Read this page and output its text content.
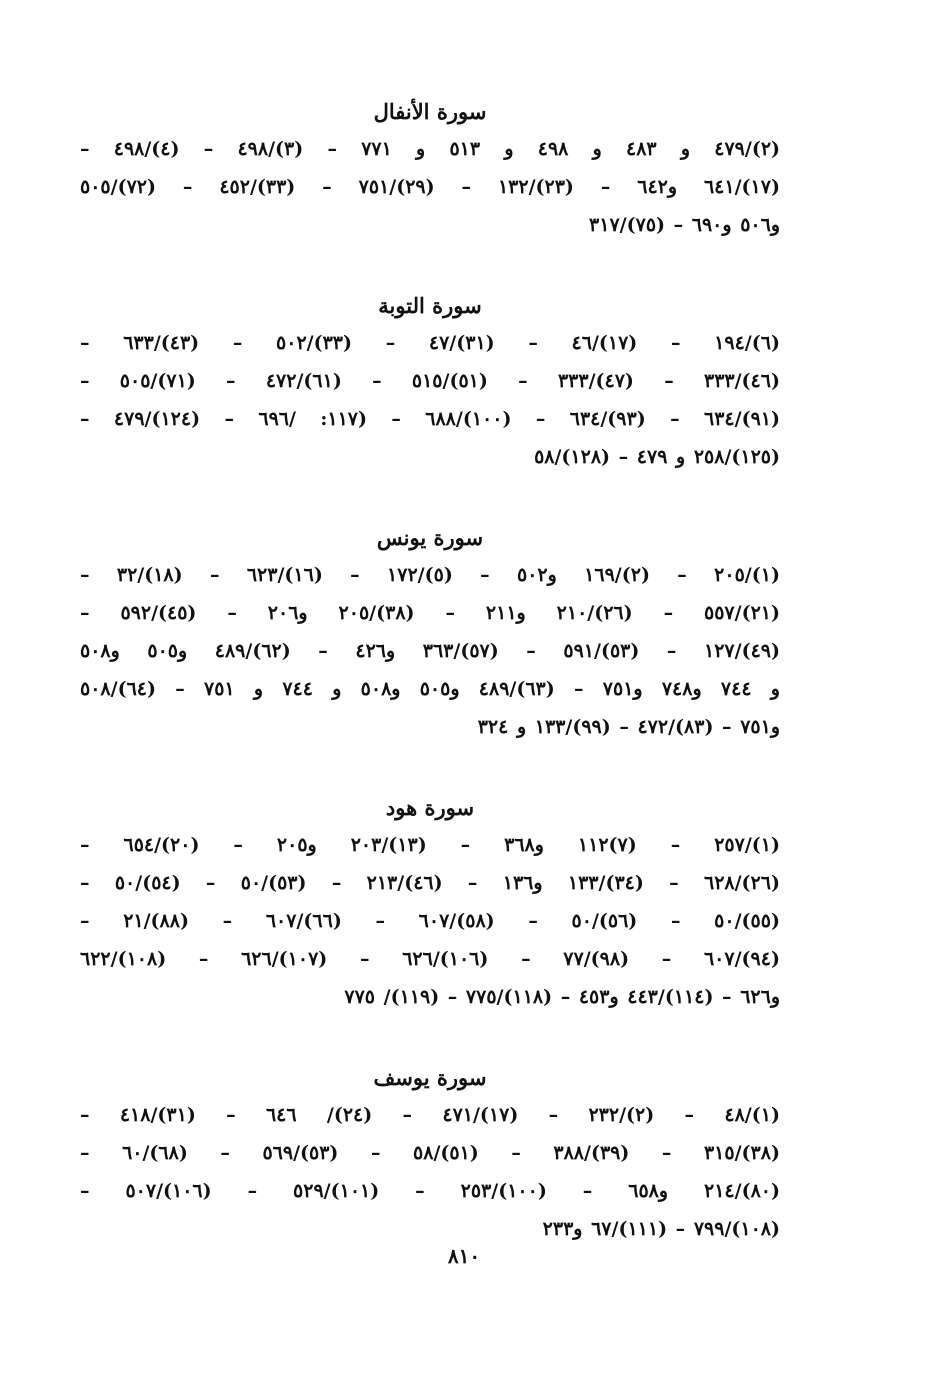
سورة الأنفال
(٢)/٤٧٩ و ٤٨٣ و ٤٩٨ و ٥١٣ و ٧٧١ – (٣)/٤٩٨ – (٤)/٤٩٨ –
(١٧)/٦٤١ و٦٤٢ – (٢٣)/١٣٢ – (٢٩)/٧٥١ – (٣٣)/٤٥٢ – (٧٢)/٥٠٥
و٥٠٦ و٦٩٠ – (٧٥)/٣١٧
سورة التوبة
(٦)/١٩٤ – (١٧)/٤٦ – (٣١)/٤٧ – (٣٣)/٥٠٢ – (٤٣)/٦٣٣ –
(٤٦)/٣٣٣ – (٤٧)/٣٣٣ – (٥١)/٥١٥ – (٦١)/٤٧٢ – (٧١)/٥٠٥ –
(٩١)/٦٣٤ – (٩٣)/٦٣٤ – (١٠٠)/٦٨٨ – (١١٧: /٦٩٦ – (١٢٤)/٤٧٩ –
(١٢٥)/٢٥٨ و ٤٧٩ – (١٢٨)/٥٨
سورة يونس
(١)/٢٠٥ – (٢)/١٦٩ و٥٠٢ – (٥)/١٧٢ – (١٦)/٦٢٣ – (١٨)/٣٢ –
(٢١)/٥٥٧ – (٢٦)/٢١٠ و٢١١ – (٣٨)/٢٠٥ و٢٠٦ – (٤٥)/٥٩٢ –
(٤٩)/١٢٧ – (٥٣)/٥٩١ – (٥٧)/٣٦٣ و٤٢٦ – (٦٢)/٤٨٩ و٥٠٥ و٥٠٨
و ٧٤٤ و٧٤٨ و٧٥١ – (٦٣)/٤٨٩ و٥٠٥ و٥٠٨ و ٧٤٤ و ٧٥١ – (٦٤)/٥٠٨
و٧٥١ – (٨٣)/٤٧٢ – (٩٩)/١٣٣ و ٣٢٤
سورة هود
(١)/٢٥٧ – (٧)١١٢ و٣٦٨ – (١٣)/٢٠٣ و٢٠٥ – (٢٠)/٦٥٤ –
(٢٦)/٦٢٨ – (٣٤)/١٣٣ و١٣٦ – (٤٦)/٢١٣ – (٥٣)/٥٠ – (٥٤)/٥٠ –
(٥٥)/٥٠ – (٥٦)/٥٠ – (٥٨)/٦٠٧ – (٦٦)/٦٠٧ – (٨٨)/٢١ –
(٩٤)/٦٠٧ – (٩٨)/٧٧ – (١٠٦)/٦٢٦ – (١٠٧)/٦٢٦ – (١٠٨)/٦٢٢
و٦٢٦ – (١١٤)/٤٤٣ و٤٥٣ – (١١٨)/٧٧٥ – (١١٩)/ ٧٧٥
سورة يوسف
(١)/٤٨ – (٢)/٢٣٢ – (١٧)/٤٧١ – (٢٤)/ ٦٤٦ – (٣١)/٤١٨ –
(٣٨)/٣١٥ – (٣٩)/٣٨٨ – (٥١)/٥٨ – (٥٣)/٥٦٩ – (٦٨)/٦٠ –
(٨٠)/٢١٤ و٦٥٨ – (١٠٠)/٢٥٣ – (١٠١)/٥٢٩ – (١٠٦)/٥٠٧ –
(١٠٨)/٧٩٩ – (١١١)/٦٧ و٢٣٣
٨١٠
